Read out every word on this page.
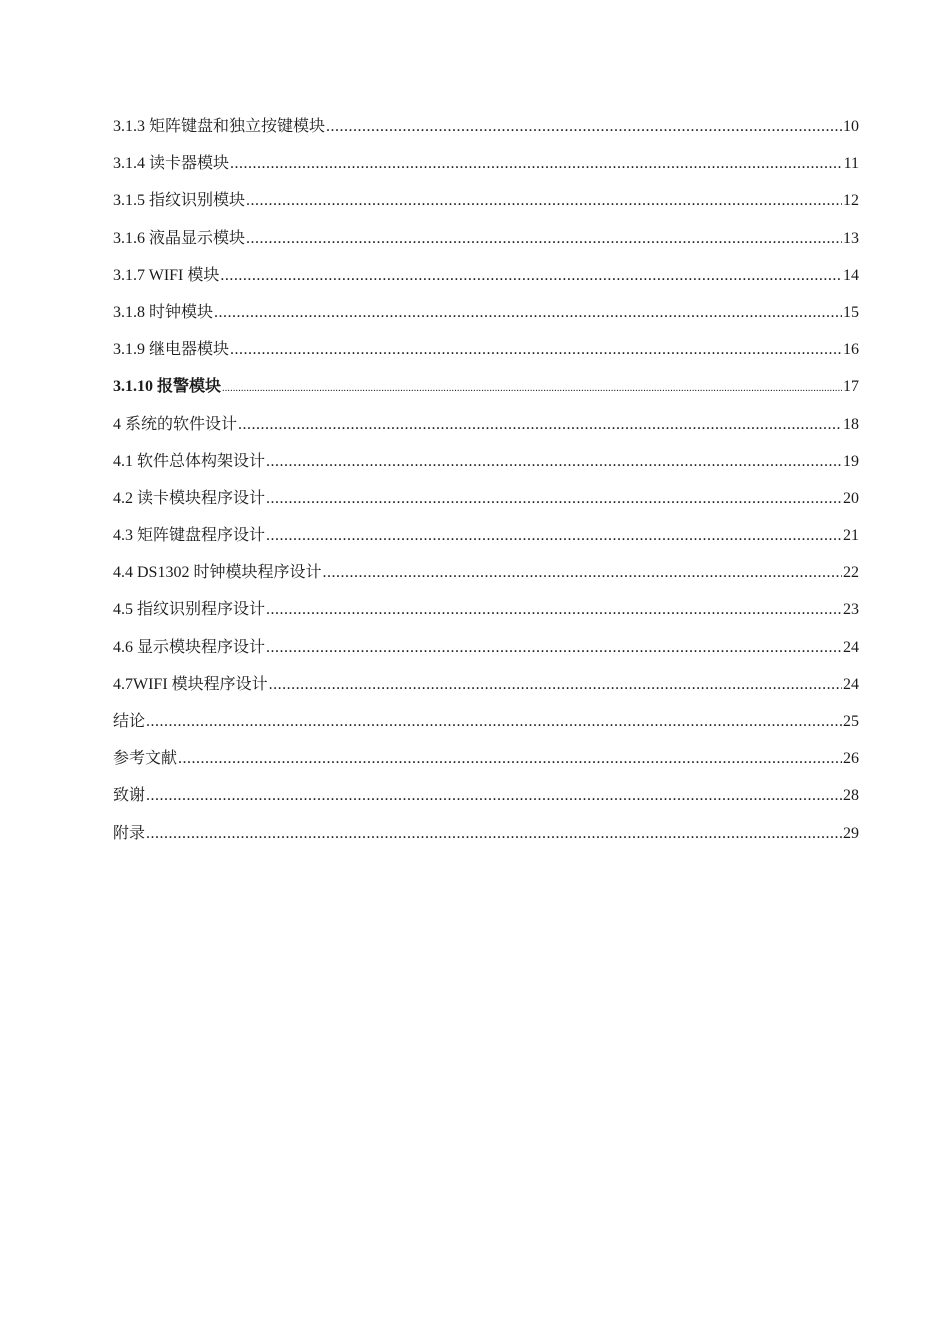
3.1.3 矩阵键盘和独立按键模块 .....	10
3.1.4 读卡器模块 .....	11
3.1.5 指纹识别模块 .....	12
3.1.6 液晶显示模块 .....	13
3.1.7 WIFI 模块 .....	14
3.1.8 时钟模块 .....	15
3.1.9 继电器模块 .....	16
3.1.10 报警模块 .....	17
4 系统的软件设计 .....	18
4.1 软件总体构架设计 .....	19
4.2 读卡模块程序设计 .....	20
4.3 矩阵键盘程序设计 .....	21
4.4 DS1302 时钟模块程序设计 .....	22
4.5 指纹识别程序设计 .....	23
4.6 显示模块程序设计 .....	24
4.7WIFI 模块程序设计 .....	24
结论 .....	25
参考文献 .....	26
致谢 .....	28
附录 .....	29
